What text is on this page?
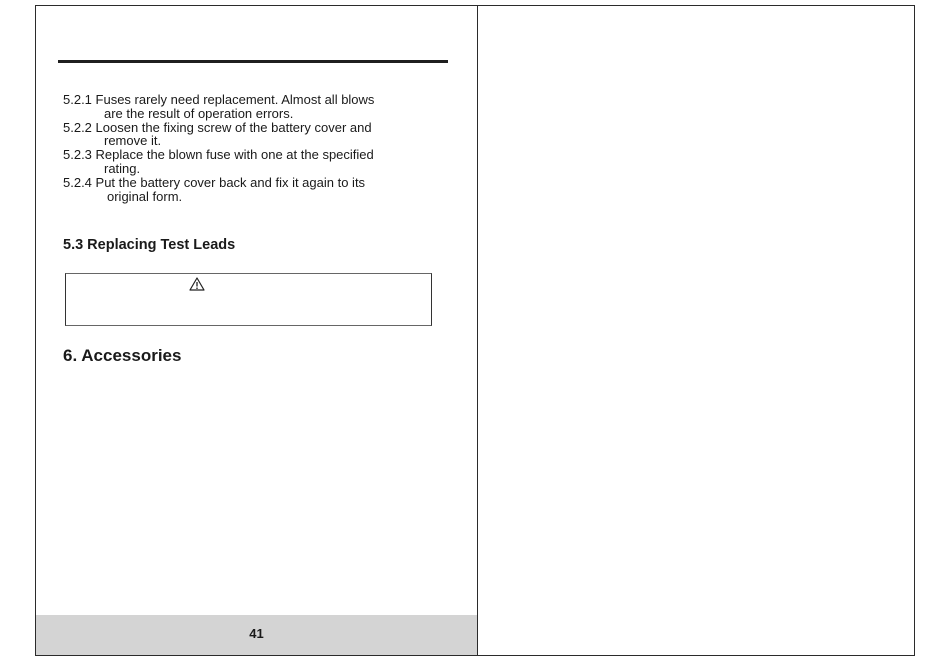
5.2.1 Fuses rarely need replacement. Almost all blows
are the result of operation errors.

5.2.2 Loosen the fixing screw of the battery cover and
remove it.

5.2.3 Replace the blown fuse with one at the specified
rating.

5.2.4 Put the battery cover back and fix it again to its
original form.

5.3 Replacing Test Leads
6. Accessories
41
